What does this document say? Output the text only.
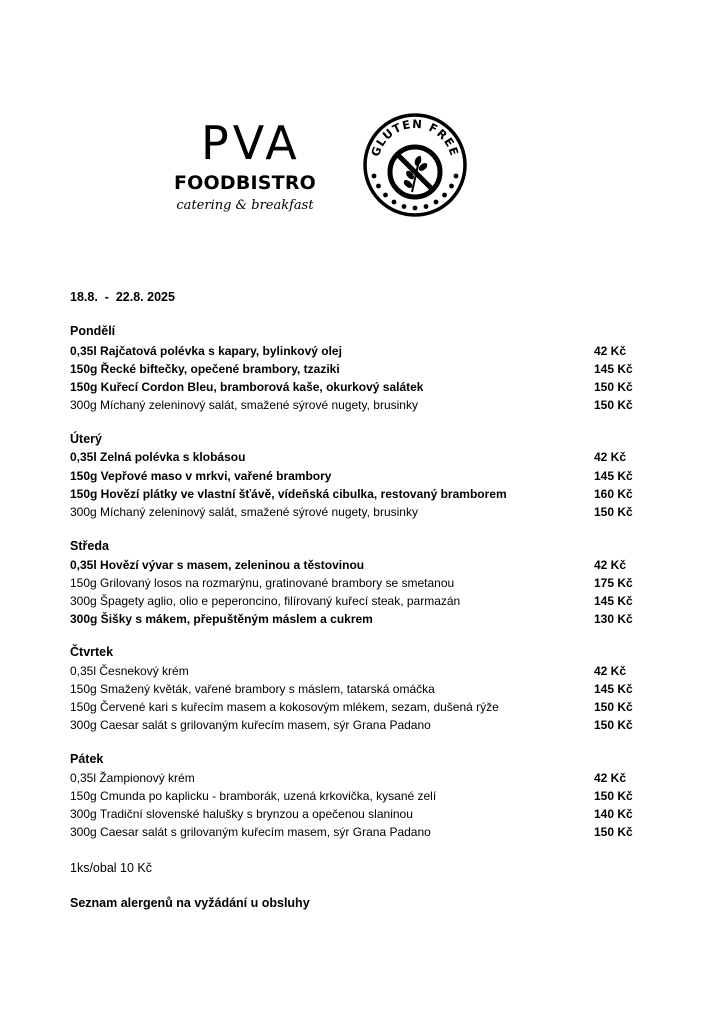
PVA
FOODBISTRO
catering & breakfast
GLUTEN FREE
18.8.  -  22.8. 2025
Pondělí
0,35l Rajčatová polévka s kapary, bylinkový olej	42 Kč
150g Řecké biftečky, opečené brambory, tzaziki	145 Kč
150g Kuřecí Cordon Bleu, bramborová kaše, okurkový salátek	150 Kč
300g Míchaný zeleninový salát, smažené sýrové nugety, brusinky	150 Kč
Úterý
0,35l Zelná polévka s klobásou	42 Kč
150g Vepřové maso v mrkvi, vařené brambory	145 Kč
150g Hovězí plátky ve vlastní šťávě, vídeňská cibulka, restovaný bramborem	160 Kč
300g Míchaný zeleninový salát, smažené sýrové nugety, brusinky	150 Kč
Středa
0,35l Hovězí vývar s masem, zeleninou a těstovinou	42 Kč
150g Grilovaný losos na rozmarýnu, gratinované brambory se smetanou	175 Kč
300g Špagety aglio, olio e peperoncino, filírovaný kuřecí steak, parmazán	145 Kč
300g Šišky s mákem, přepuštěným máslem a cukrem	130 Kč
Čtvrtek
0,35l Česnekový krém	42 Kč
150g Smažený květák, vařené brambory s máslem, tatarská omáčka	145 Kč
150g Červené kari s kuřecím masem a kokosovým mlékem, sezam, dušená rýže	150 Kč
300g Caesar salát s grilovaným kuřecím masem, sýr Grana Padano	150 Kč
Pátek
0,35l Žampionový krém	42 Kč
150g Cmunda po kaplicku - bramborák, uzená krkovička, kysané zelí	150 Kč
300g Tradiční slovenské halušky s brynzou a opečenou slaninou	140 Kč
300g Caesar salát s grilovaným kuřecím masem, sýr Grana Padano	150 Kč
1ks/obal 10 Kč
Seznam alergenů na vyžádání u obsluhy
